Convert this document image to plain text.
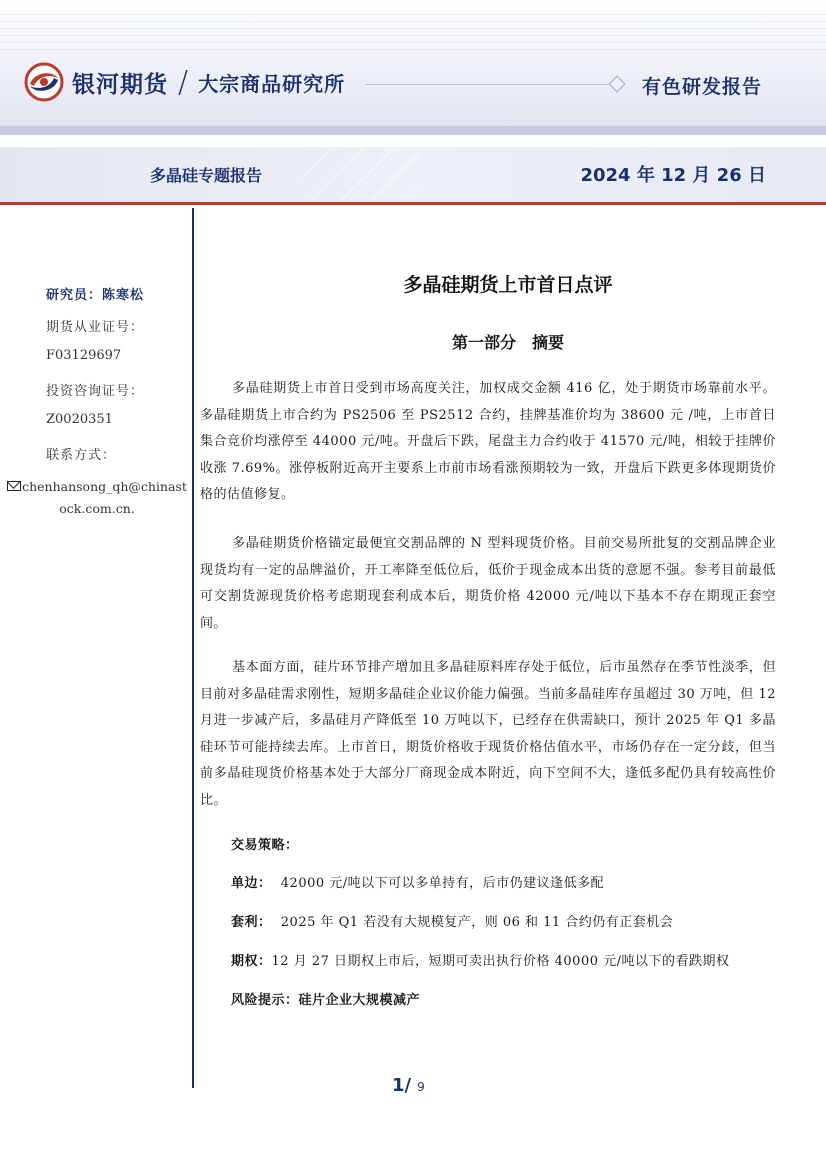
银河期货 / 大宗商品研究所	有色研发报告
多晶硅专题报告	2024 年 12 月 26 日
研究员：陈寒松
期货从业证号：
F03129697
投资咨询证号：
Z0020351
联系方式：
chenhansong_qh@chinastock.com.cn.
多晶硅期货上市首日点评
第一部分　摘要

多晶硅期货上市首日受到市场高度关注，加权成交金额 416 亿，处于期货市场靠前水平。多晶硅期货上市合约为 PS2506 至 PS2512 合约，挂牌基准价均为 38600 元 /吨，上市首日集合竞价均涨停至 44000 元/吨。开盘后下跌，尾盘主力合约收于 41570 元/吨，相较于挂牌价收涨 7.69%。涨停板附近高开主要系上市前市场看涨预期较为一致，开盘后下跌更多体现期货价格的估值修复。

多晶硅期货价格锚定最便宜交割品牌的 N 型料现货价格。目前交易所批复的交割品牌企业现货均有一定的品牌溢价，开工率降至低位后，低价于现金成本出货的意愿不强。参考目前最低可交割货源现货价格考虑期现套利成本后，期货价格 42000 元/吨以下基本不存在期现正套空间。

基本面方面，硅片环节排产增加且多晶硅原料库存处于低位，后市虽然存在季节性淡季，但目前对多晶硅需求刚性，短期多晶硅企业议价能力偏强。当前多晶硅库存虽超过 30 万吨，但 12 月进一步减产后，多晶硅月产降低至 10 万吨以下，已经存在供需缺口，预计 2025 年 Q1 多晶硅环节可能持续去库。上市首日，期货价格收于现货价格估值水平，市场仍存在一定分歧，但当前多晶硅现货价格基本处于大部分厂商现金成本附近，向下空间不大，逢低多配仍具有较高性价比。

交易策略：
单边： 42000 元/吨以下可以多单持有，后市仍建议逢低多配
套利： 2025 年 Q1 若没有大规模复产，则 06 和 11 合约仍有正套机会
期权：12 月 27 日期权上市后，短期可卖出执行价格 40000 元/吨以下的看跌期权
风险提示：硅片企业大规模减产
1/ 9
